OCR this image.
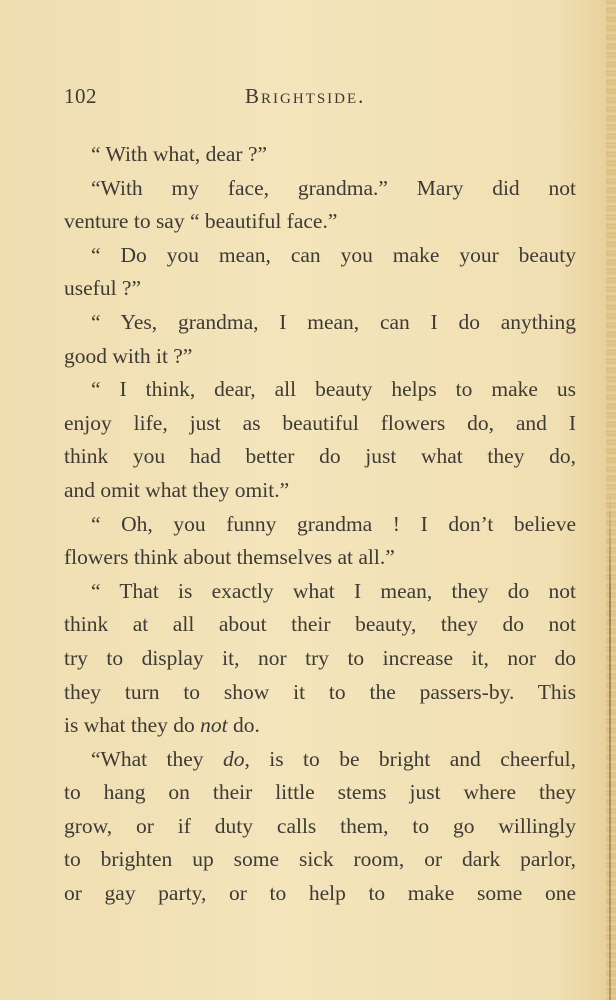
102	Brightside.
“ With what, dear ?”
“With my face, grandma.” Mary did not
venture to say “ beautiful face.”
“ Do you mean, can you make your beauty
useful ?”
“ Yes, grandma, I mean, can I do anything
good with it ?”
“ I think, dear, all beauty helps to make us
enjoy life, just as beautiful flowers do, and I
think you had better do just what they do,
and omit what they omit.”
“ Oh, you funny grandma ! I don’t believe
flowers think about themselves at all.”
“ That is exactly what I mean, they do not
think at all about their beauty, they do not
try to display it, nor try to increase it, nor do
they turn to show it to the passers-by. This
is what they do not do.
“What they do, is to be bright and cheerful,
to hang on their little stems just where they
grow, or if duty calls them, to go willingly
to brighten up some sick room, or dark parlor,
or gay party, or to help to make some one
